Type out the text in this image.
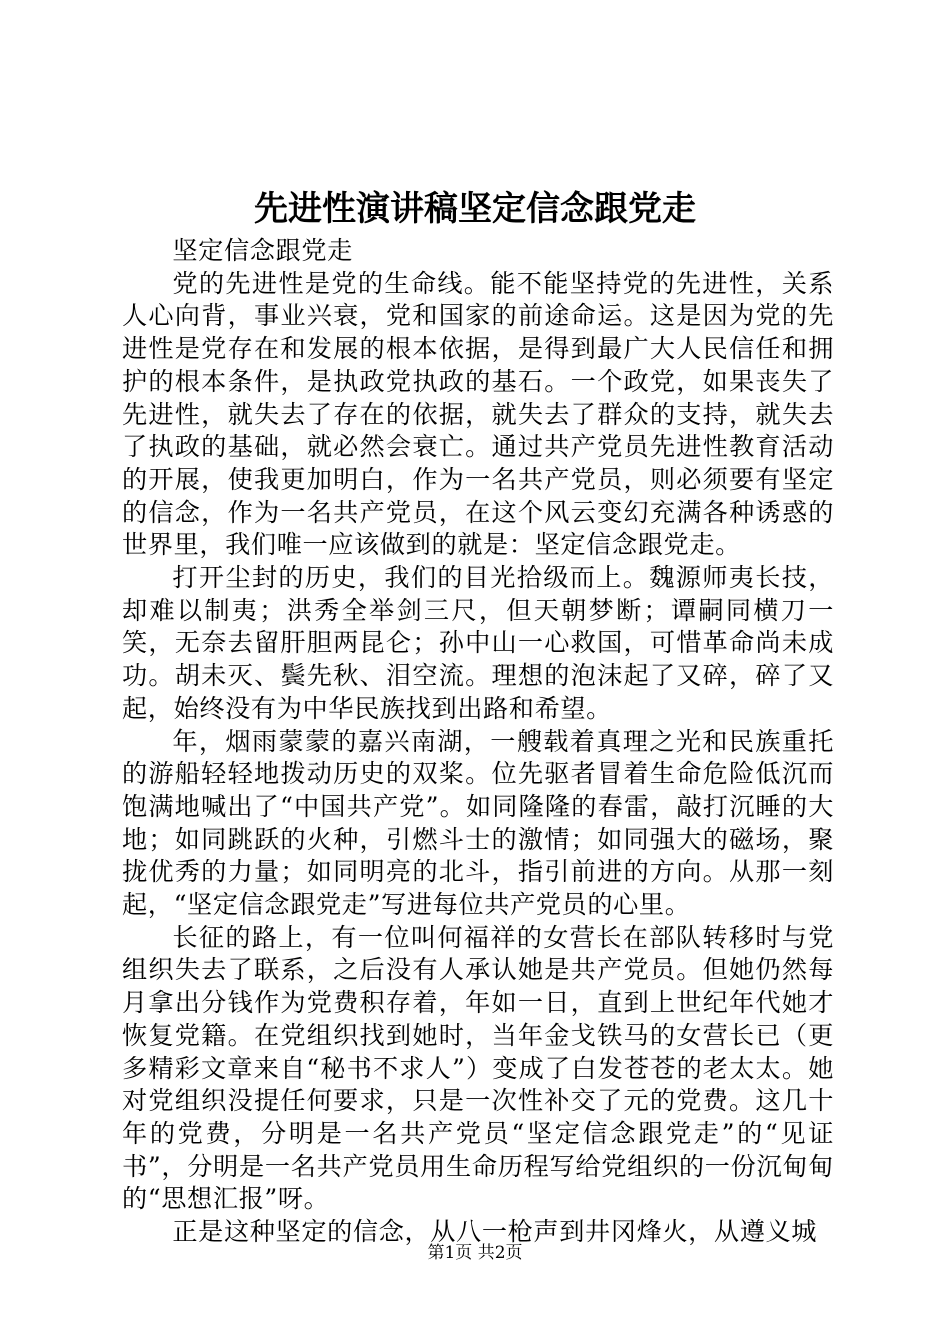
先进性演讲稿坚定信念跟党走

坚定信念跟党走

党的先进性是党的生命线。能不能坚持党的先进性，关系人心向背，事业兴衰，党和国家的前途命运。这是因为党的先进性是党存在和发展的根本依据，是得到最广大人民信任和拥护的根本条件，是执政党执政的基石。一个政党，如果丧失了先进性，就失去了存在的依据，就失去了群众的支持，就失去了执政的基础，就必然会衰亡。通过共产党员先进性教育活动的开展，使我更加明白，作为一名共产党员，则必须要有坚定的信念，作为一名共产党员，在这个风云变幻充满各种诱惑的世界里，我们唯一应该做到的就是：坚定信念跟党走。

打开尘封的历史，我们的目光拾级而上。魏源师夷长技，却难以制夷；洪秀全举剑三尺，但天朝梦断；谭嗣同横刀一笑，无奈去留肝胆两昆仑；孙中山一心救国，可惜革命尚未成功。胡未灭、鬓先秋、泪空流。理想的泡沫起了又碎，碎了又起，始终没有为中华民族找到出路和希望。

年，烟雨蒙蒙的嘉兴南湖，一艘载着真理之光和民族重托的游船轻轻地拨动历史的双桨。位先驱者冒着生命危险低沉而饱满地喊出了“中国共产党”。如同隆隆的春雷，敲打沉睡的大地；如同跳跃的火种，引燃斗士的激情；如同强大的磁场，聚拢优秀的力量；如同明亮的北斗，指引前进的方向。从那一刻起，“坚定信念跟党走”写进每位共产党员的心里。

长征的路上，有一位叫何福祥的女营长在部队转移时与党组织失去了联系，之后没有人承认她是共产党员。但她仍然每月拿出分钱作为党费积存着，年如一日，直到上世纪年代她才恢复党籍。在党组织找到她时，当年金戈铁马的女营长已（更多精彩文章来自“秘书不求人”）变成了白发苍苍的老太太。她对党组织没提任何要求，只是一次性补交了元的党费。这几十年的党费，分明是一名共产党员“坚定信念跟党走”的“见证书”，分明是一名共产党员用生命历程写给党组织的一份沉甸甸的“思想汇报”呀。

正是这种坚定的信念，从八一枪声到井冈烽火，从遵义城

第1页 共2页
